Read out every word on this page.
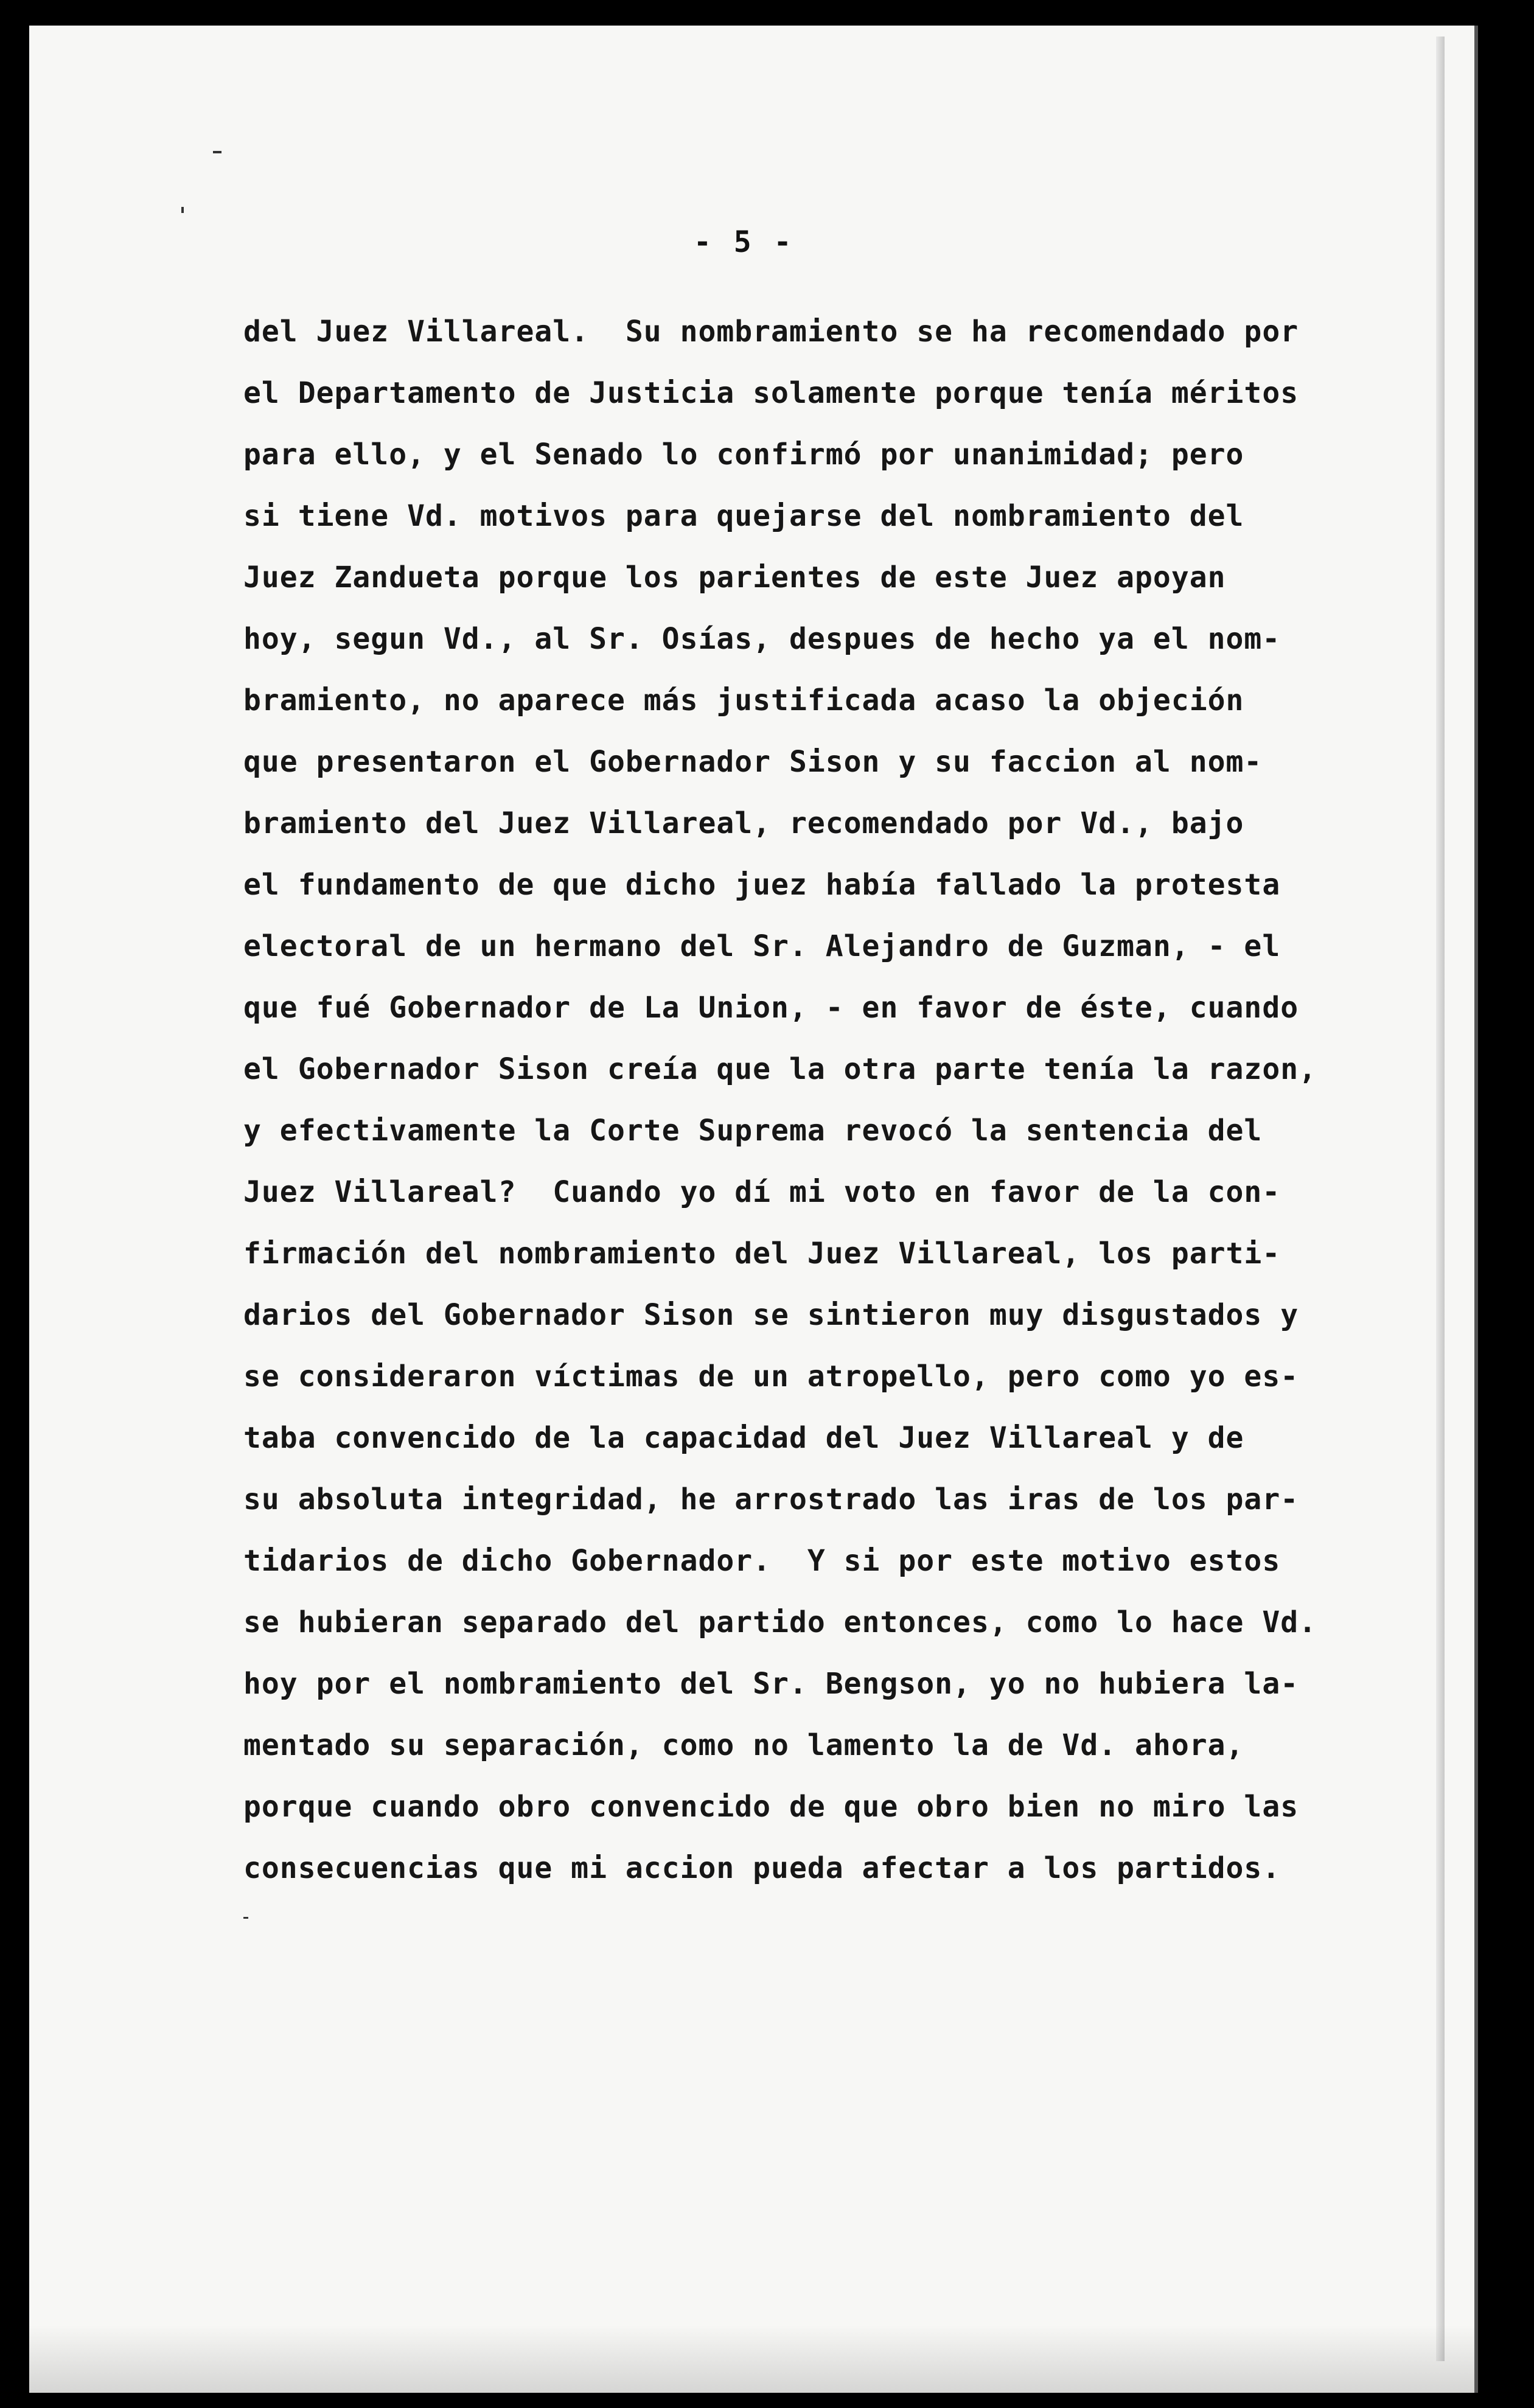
- 5 -
del Juez Villareal.  Su nombramiento se ha recomendado por
el Departamento de Justicia solamente porque tenía méritos
para ello, y el Senado lo confirmó por unanimidad; pero
si tiene Vd. motivos para quejarse del nombramiento del
Juez Zandueta porque los parientes de este Juez apoyan
hoy, segun Vd., al Sr. Osías, despues de hecho ya el nom-
bramiento, no aparece más justificada acaso la objeción
que presentaron el Gobernador Sison y su faccion al nom-
bramiento del Juez Villareal, recomendado por Vd., bajo
el fundamento de que dicho juez había fallado la protesta
electoral de un hermano del Sr. Alejandro de Guzman, - el
que fué Gobernador de La Union, - en favor de éste, cuando
el Gobernador Sison creía que la otra parte tenía la razon,
y efectivamente la Corte Suprema revocó la sentencia del
Juez Villareal?  Cuando yo dí mi voto en favor de la con-
firmación del nombramiento del Juez Villareal, los parti-
darios del Gobernador Sison se sintieron muy disgustados y
se consideraron víctimas de un atropello, pero como yo es-
taba convencido de la capacidad del Juez Villareal y de
su absoluta integridad, he arrostrado las iras de los par-
tidarios de dicho Gobernador.  Y si por este motivo estos
se hubieran separado del partido entonces, como lo hace Vd.
hoy por el nombramiento del Sr. Bengson, yo no hubiera la-
mentado su separación, como no lamento la de Vd. ahora,
porque cuando obro convencido de que obro bien no miro las
consecuencias que mi accion pueda afectar a los partidos.
